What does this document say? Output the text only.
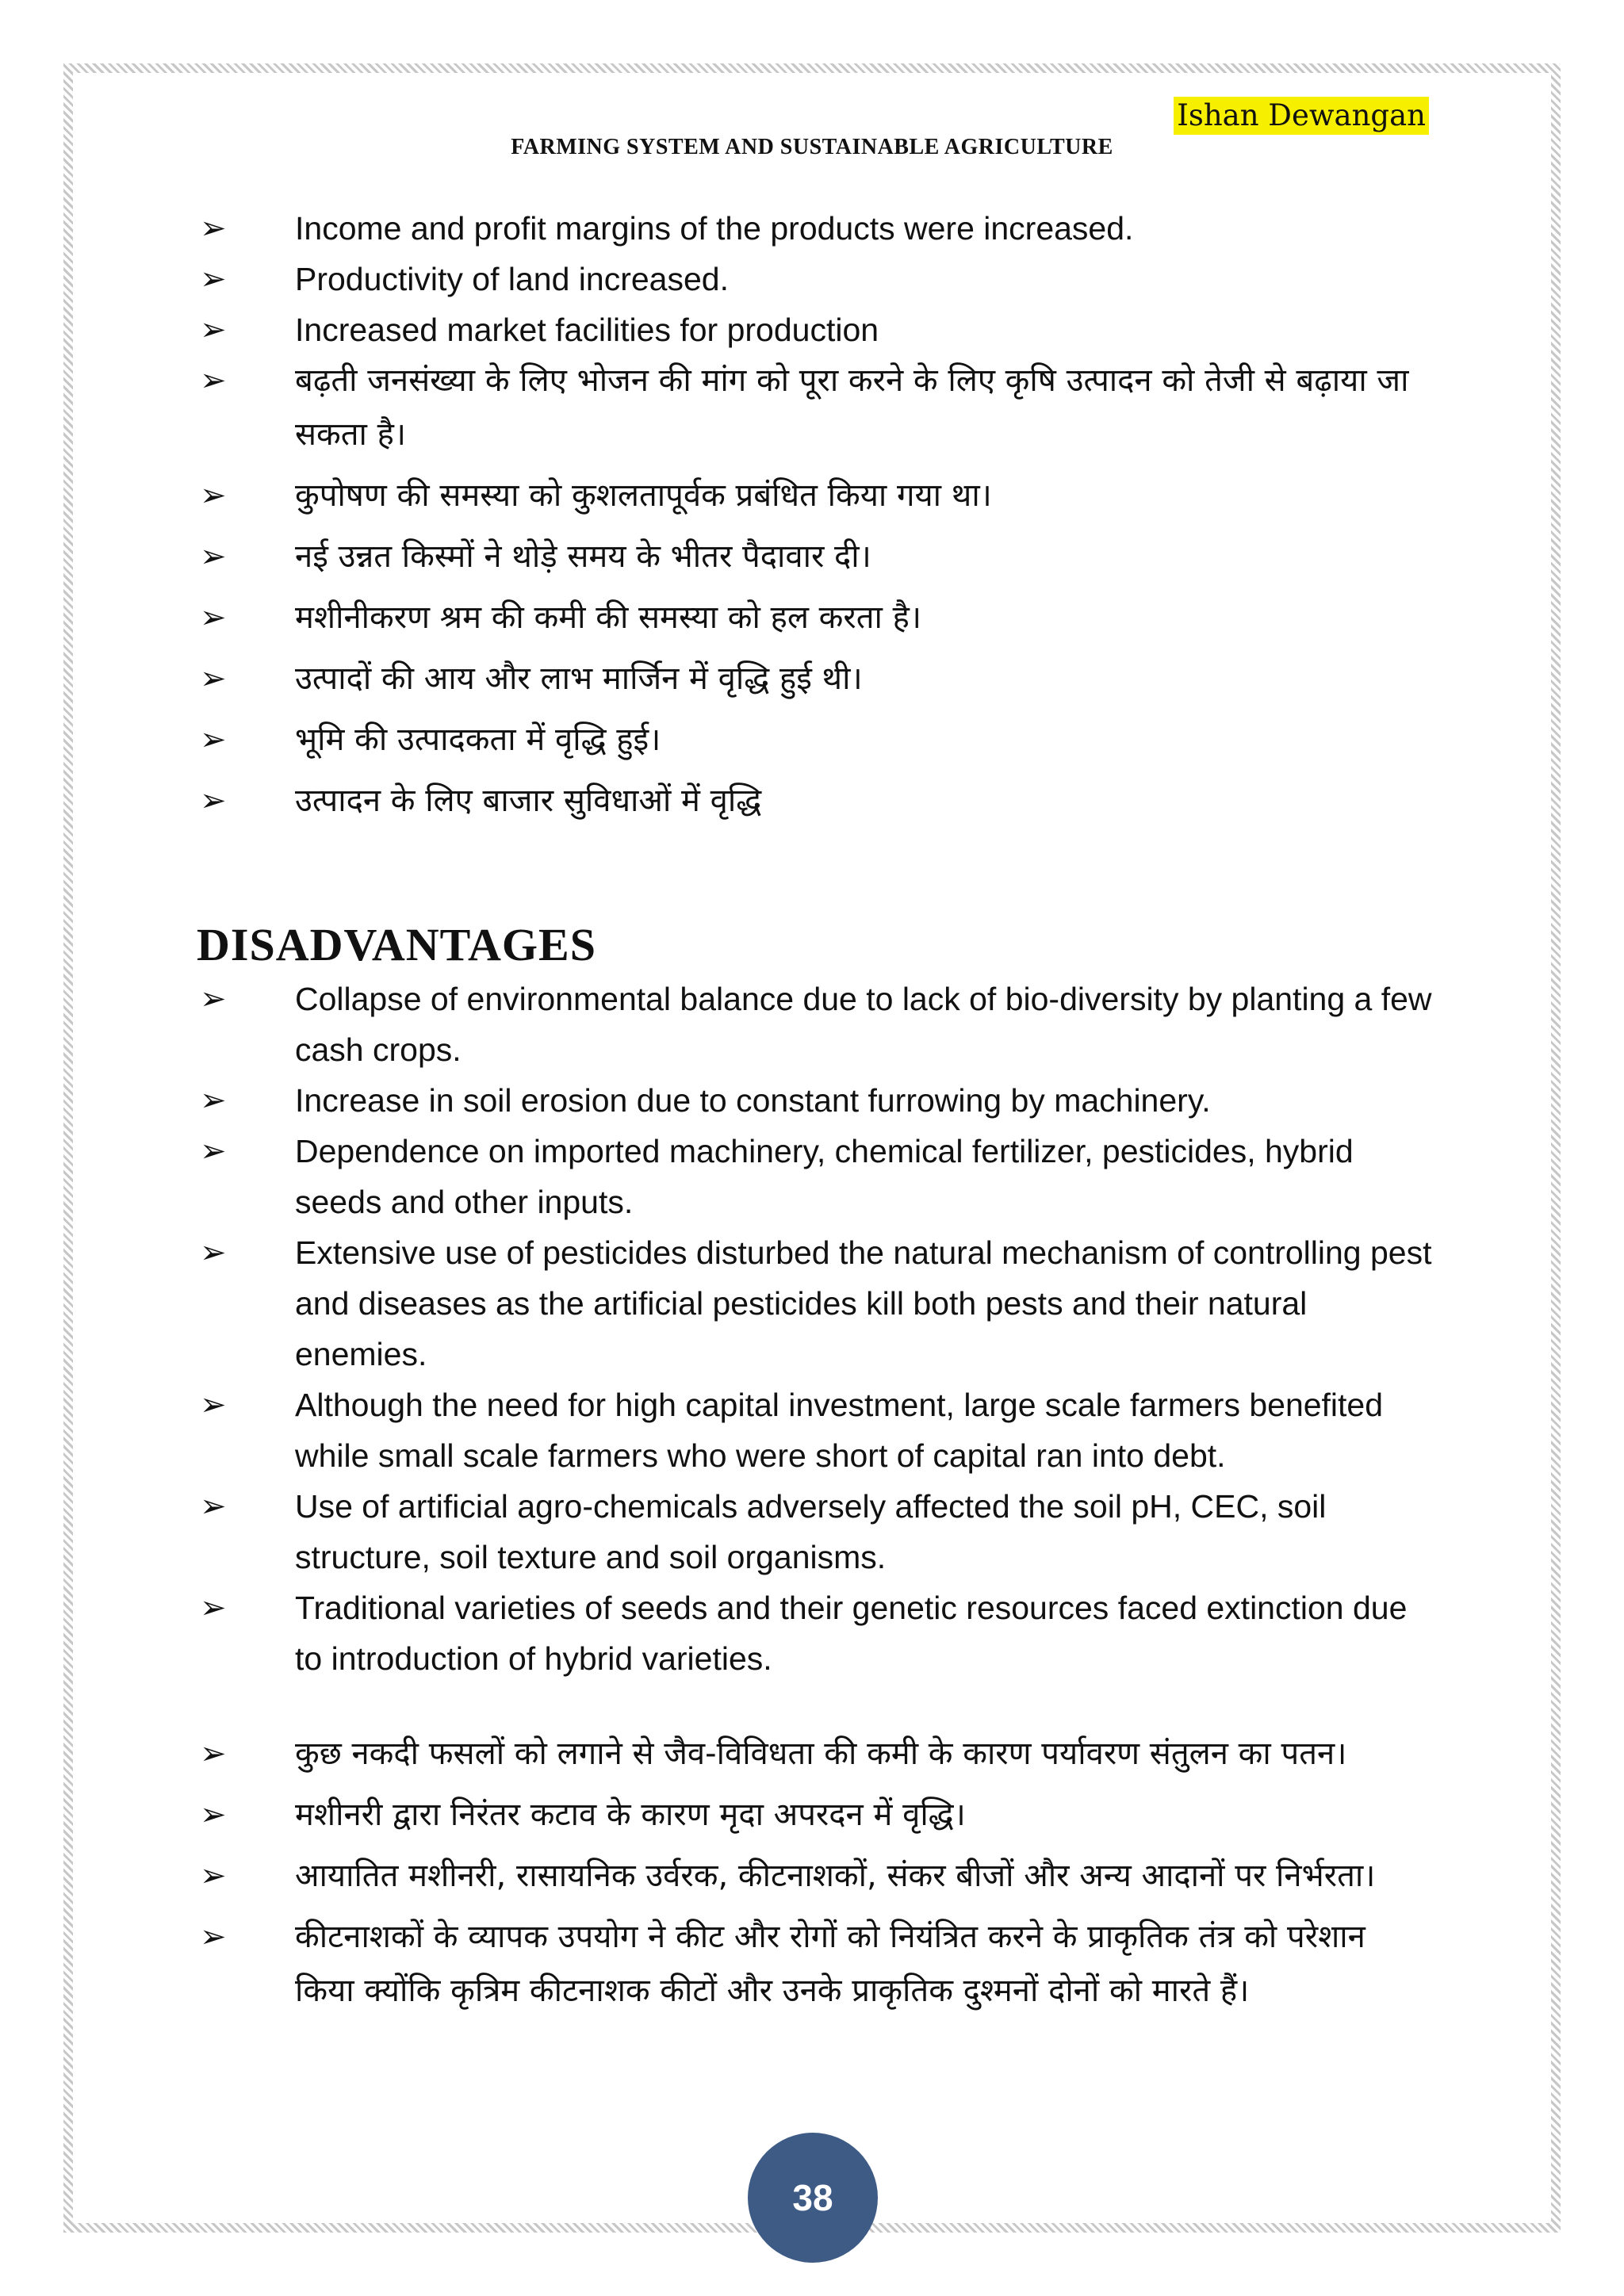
Ishan Dewangan
FARMING SYSTEM AND SUSTAINABLE AGRICULTURE
➢ Income and profit margins of the products were increased.
➢ Productivity of land increased.
➢ Increased market facilities for production
➢ बढ़ती जनसंख्या के लिए भोजन की मांग को पूरा करने के लिए कृषि उत्पादन को तेजी से बढ़ाया जा सकता है।
➢ कुपोषण की समस्या को कुशलतापूर्वक प्रबंधित किया गया था।
➢ नई उन्नत किस्मों ने थोड़े समय के भीतर पैदावार दी।
➢ मशीनीकरण श्रम की कमी की समस्या को हल करता है।
➢ उत्पादों की आय और लाभ मार्जिन में वृद्धि हुई थी।
➢ भूमि की उत्पादकता में वृद्धि हुई।
➢ उत्पादन के लिए बाजार सुविधाओं में वृद्धि
DISADVANTAGES
➢ Collapse of environmental balance due to lack of bio-diversity by planting a few cash crops.
➢ Increase in soil erosion due to constant furrowing by machinery.
➢ Dependence on imported machinery, chemical fertilizer, pesticides, hybrid seeds and other inputs.
➢ Extensive use of pesticides disturbed the natural mechanism of controlling pest and diseases as the artificial pesticides kill both pests and their natural enemies.
➢ Although the need for high capital investment, large scale farmers benefited while small scale farmers who were short of capital ran into debt.
➢ Use of artificial agro-chemicals adversely affected the soil pH, CEC, soil structure, soil texture and soil organisms.
➢ Traditional varieties of seeds and their genetic resources faced extinction due to introduction of hybrid varieties.
➢ कुछ नकदी फसलों को लगाने से जैव-विविधता की कमी के कारण पर्यावरण संतुलन का पतन।
➢ मशीनरी द्वारा निरंतर कटाव के कारण मृदा अपरदन में वृद्धि।
➢ आयातित मशीनरी, रासायनिक उर्वरक, कीटनाशकों, संकर बीजों और अन्य आदानों पर निर्भरता।
➢ कीटनाशकों के व्यापक उपयोग ने कीट और रोगों को नियंत्रित करने के प्राकृतिक तंत्र को परेशान किया क्योंकि कृत्रिम कीटनाशक कीटों और उनके प्राकृतिक दुश्मनों दोनों को मारते हैं।
38
